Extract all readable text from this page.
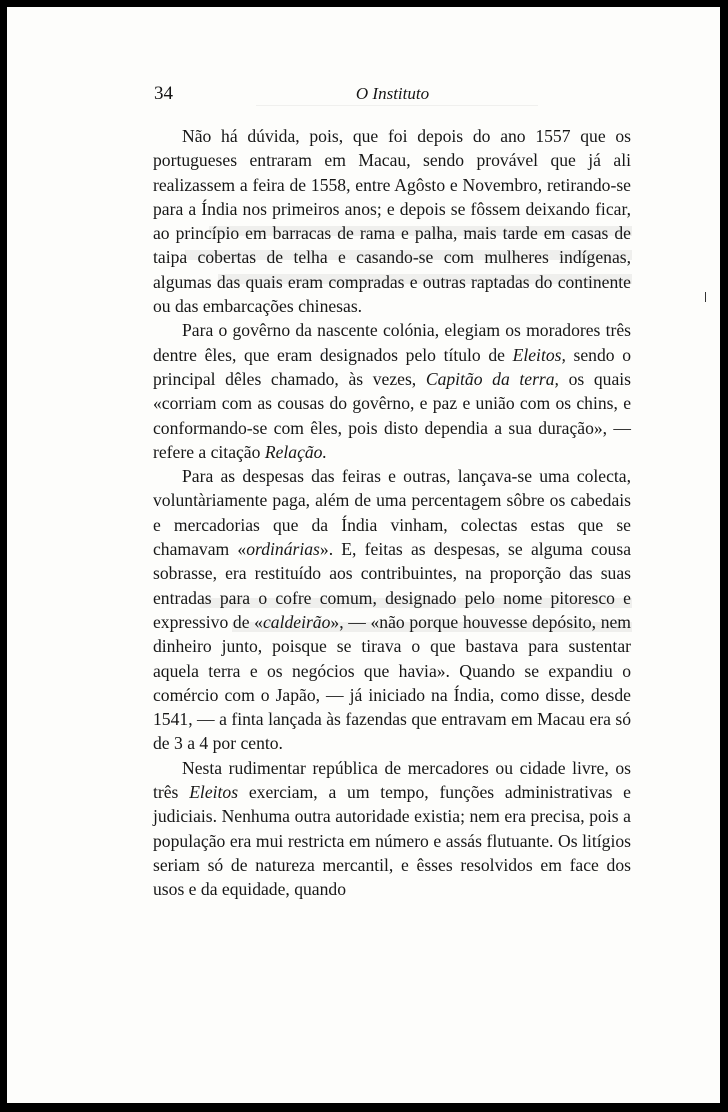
34	O Instituto

Não há dúvida, pois, que foi depois do ano 1557 que os portugueses entraram em Macau, sendo provável que já ali realizassem a feira de 1558, entre Agôsto e Novembro, retirando-se para a Índia nos primeiros anos; e depois se fôssem deixando ficar, ao princípio em barracas de rama e palha, mais tarde em casas de taipa cobertas de telha e casando-se com mulheres indígenas, algumas das quais eram compradas e outras raptadas do continente ou das embarcações chinesas.

Para o govêrno da nascente colónia, elegiam os moradores três dentre êles, que eram designados pelo título de Eleitos, sendo o principal dêles chamado, às vezes, Capitão da terra, os quais «corriam com as cousas do govêrno, e paz e união com os chins, e conformando-se com êles, pois disto dependia a sua duração», — refere a citação Relação.

Para as despesas das feiras e outras, lançava-se uma colecta, voluntàriamente paga, além de uma percentagem sôbre os cabedais e mercadorias que da Índia vinham, colectas estas que se chamavam «ordinárias». E, feitas as despesas, se alguma cousa sobrasse, era restituído aos contribuintes, na proporção das suas entradas para o cofre comum, designado pelo nome pitoresco e expressivo de «caldeirão», — «não porque houvesse depósito, nem dinheiro junto, poisque se tirava o que bastava para sustentar aquela terra e os negócios que havia». Quando se expandiu o comércio com o Japão, — já iniciado na Índia, como disse, desde 1541, — a finta lançada às fazendas que entravam em Macau era só de 3 a 4 por cento.

Nesta rudimentar república de mercadores ou cidade livre, os três Eleitos exerciam, a um tempo, funções administrativas e judiciais. Nenhuma outra autoridade existia; nem era precisa, pois a população era mui restricta em número e assás flutuante. Os litígios seriam só de natureza mercantil, e êsses resolvidos em face dos usos e da equidade, quando
